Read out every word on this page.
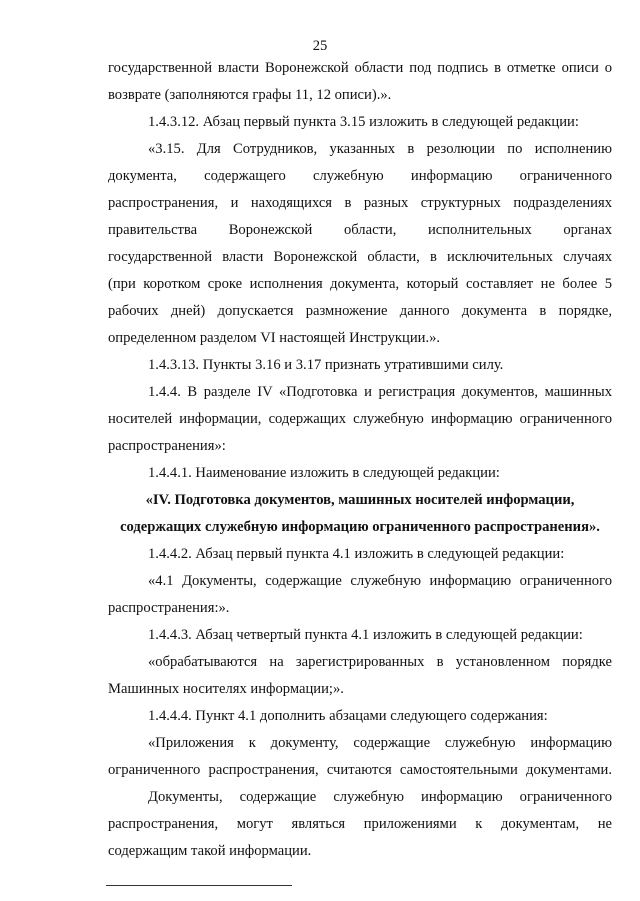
25
государственной власти Воронежской области под подпись в отметке описи о
возврате (заполняются графы 11, 12 описи).».
1.4.3.12. Абзац первый пункта 3.15 изложить в следующей редакции:
«3.15. Для Сотрудников, указанных в резолюции по исполнению
документа, содержащего служебную информацию ограниченного
распространения, и находящихся в разных структурных подразделениях
правительства Воронежской области, исполнительных органах
государственной власти Воронежской области, в исключительных случаях
(при коротком сроке исполнения документа, который составляет не более 5
рабочих дней) допускается размножение данного документа в порядке,
определенном разделом VI настоящей Инструкции.».
1.4.3.13. Пункты 3.16 и 3.17 признать утратившими силу.
1.4.4. В разделе IV «Подготовка и регистрация документов, машинных
носителей информации, содержащих служебную информацию ограниченного
распространения»:
1.4.4.1. Наименование изложить в следующей редакции:
«IV. Подготовка документов, машинных носителей информации,
содержащих служебную информацию ограниченного распространения».
1.4.4.2. Абзац первый пункта 4.1 изложить в следующей редакции:
«4.1 Документы, содержащие служебную информацию ограниченного
распространения:».
1.4.4.3. Абзац четвертый пункта 4.1 изложить в следующей редакции:
«обрабатываются на зарегистрированных в установленном порядке
Машинных носителях информации;».
1.4.4.4. Пункт 4.1 дополнить абзацами следующего содержания:
«Приложения к документу, содержащие служебную информацию
ограниченного распространения, считаются самостоятельными документами.
Документы, содержащие служебную информацию ограниченного
распространения, могут являться приложениями к документам, не
содержащим такой информации.
